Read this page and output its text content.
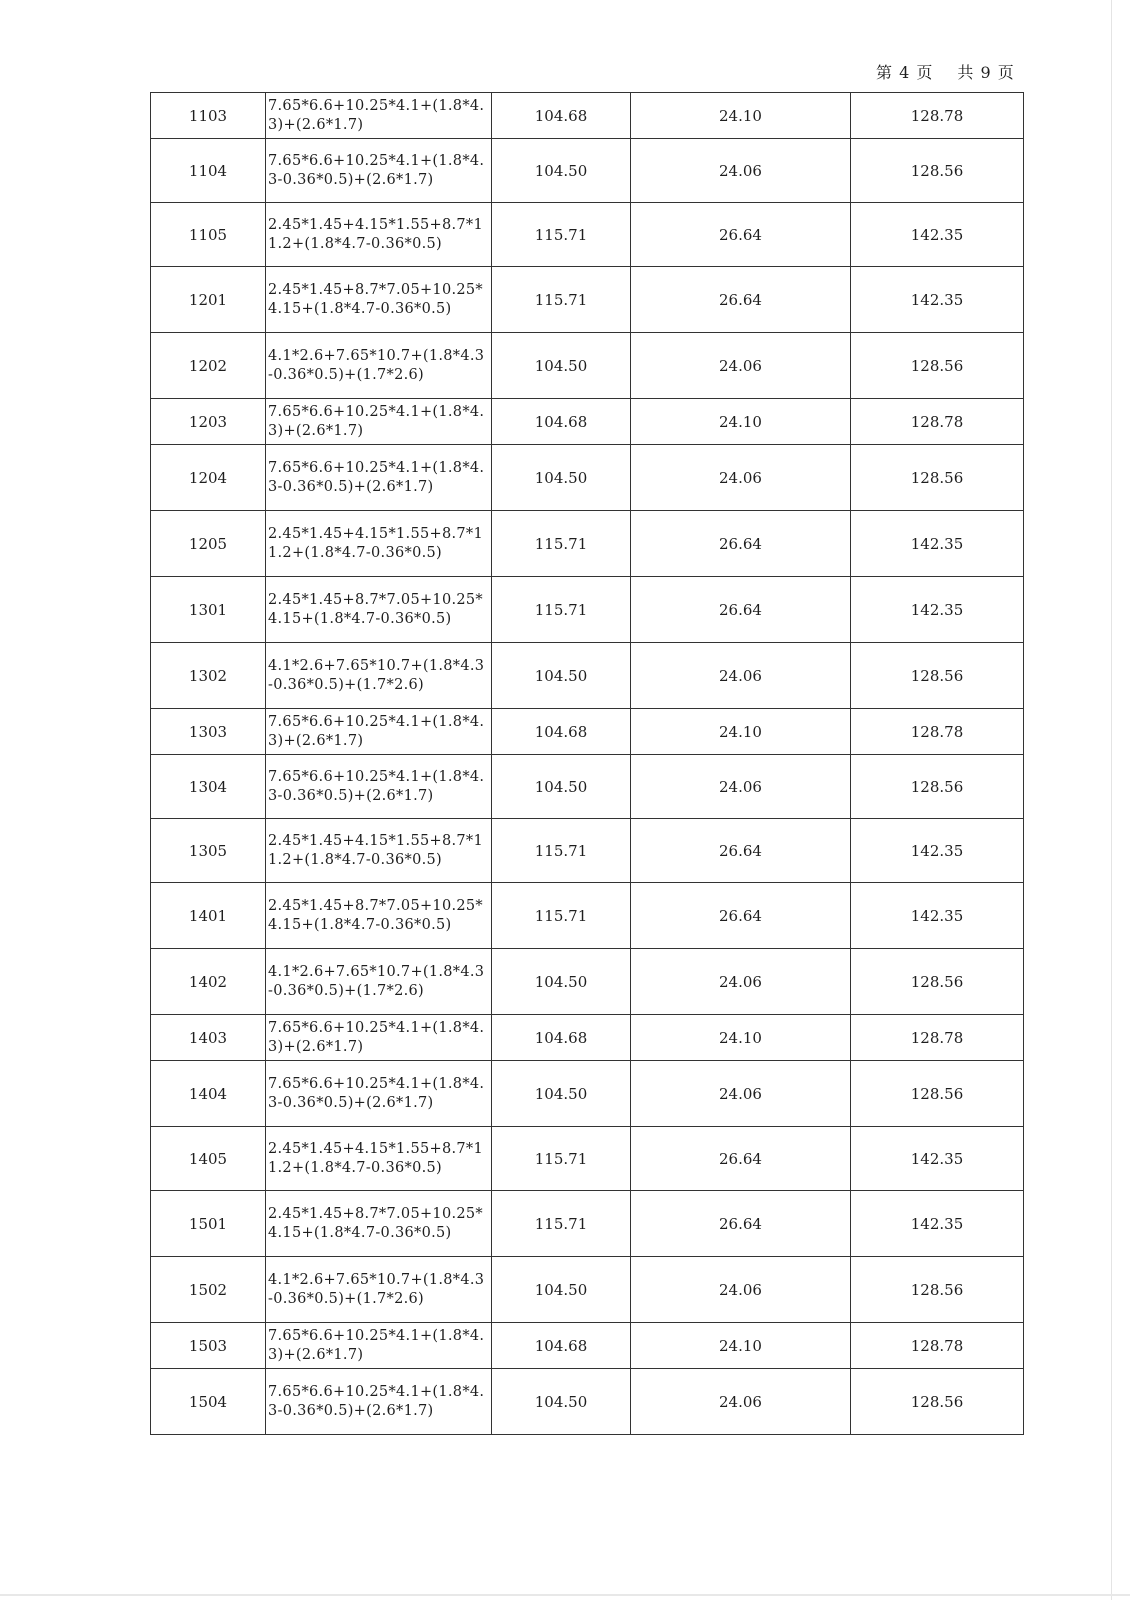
第 4 页 共 9 页
1103	7.65*6.6+10.25*4.1+(1.8*4.3)+(2.6*1.7)	104.68	24.10	128.78
1104	7.65*6.6+10.25*4.1+(1.8*4.3-0.36*0.5)+(2.6*1.7)	104.50	24.06	128.56
1105	2.45*1.45+4.15*1.55+8.7*11.2+(1.8*4.7-0.36*0.5)	115.71	26.64	142.35
1201	2.45*1.45+8.7*7.05+10.25*4.15+(1.8*4.7-0.36*0.5)	115.71	26.64	142.35
1202	4.1*2.6+7.65*10.7+(1.8*4.3-0.36*0.5)+(1.7*2.6)	104.50	24.06	128.56
1203	7.65*6.6+10.25*4.1+(1.8*4.3)+(2.6*1.7)	104.68	24.10	128.78
1204	7.65*6.6+10.25*4.1+(1.8*4.3-0.36*0.5)+(2.6*1.7)	104.50	24.06	128.56
1205	2.45*1.45+4.15*1.55+8.7*11.2+(1.8*4.7-0.36*0.5)	115.71	26.64	142.35
1301	2.45*1.45+8.7*7.05+10.25*4.15+(1.8*4.7-0.36*0.5)	115.71	26.64	142.35
1302	4.1*2.6+7.65*10.7+(1.8*4.3-0.36*0.5)+(1.7*2.6)	104.50	24.06	128.56
1303	7.65*6.6+10.25*4.1+(1.8*4.3)+(2.6*1.7)	104.68	24.10	128.78
1304	7.65*6.6+10.25*4.1+(1.8*4.3-0.36*0.5)+(2.6*1.7)	104.50	24.06	128.56
1305	2.45*1.45+4.15*1.55+8.7*11.2+(1.8*4.7-0.36*0.5)	115.71	26.64	142.35
1401	2.45*1.45+8.7*7.05+10.25*4.15+(1.8*4.7-0.36*0.5)	115.71	26.64	142.35
1402	4.1*2.6+7.65*10.7+(1.8*4.3-0.36*0.5)+(1.7*2.6)	104.50	24.06	128.56
1403	7.65*6.6+10.25*4.1+(1.8*4.3)+(2.6*1.7)	104.68	24.10	128.78
1404	7.65*6.6+10.25*4.1+(1.8*4.3-0.36*0.5)+(2.6*1.7)	104.50	24.06	128.56
1405	2.45*1.45+4.15*1.55+8.7*11.2+(1.8*4.7-0.36*0.5)	115.71	26.64	142.35
1501	2.45*1.45+8.7*7.05+10.25*4.15+(1.8*4.7-0.36*0.5)	115.71	26.64	142.35
1502	4.1*2.6+7.65*10.7+(1.8*4.3-0.36*0.5)+(1.7*2.6)	104.50	24.06	128.56
1503	7.65*6.6+10.25*4.1+(1.8*4.3)+(2.6*1.7)	104.68	24.10	128.78
1504	7.65*6.6+10.25*4.1+(1.8*4.3-0.36*0.5)+(2.6*1.7)	104.50	24.06	128.56
